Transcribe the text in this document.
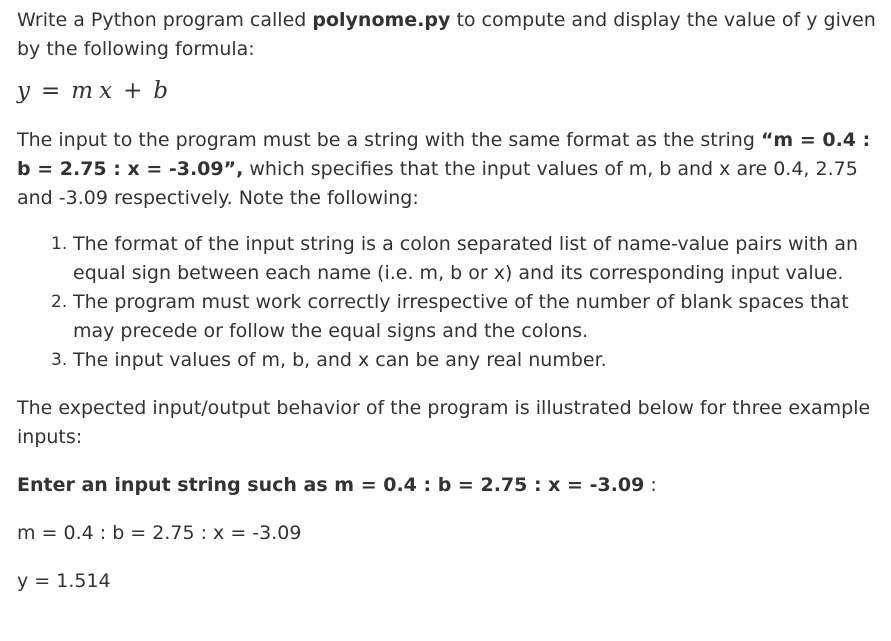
Write a Python program called polynome.py to compute and display the value of y given by the following formula:

y = m x + b

The input to the program must be a string with the same format as the string “m = 0.4 : b = 2.75 : x = -3.09”, which specifies that the input values of m, b and x are 0.4, 2.75 and -3.09 respectively. Note the following:

1. The format of the input string is a colon separated list of name-value pairs with an equal sign between each name (i.e. m, b or x) and its corresponding input value.
2. The program must work correctly irrespective of the number of blank spaces that may precede or follow the equal signs and the colons.
3. The input values of m, b, and x can be any real number.

The expected input/output behavior of the program is illustrated below for three example inputs:

Enter an input string such as m = 0.4 : b = 2.75 : x = -3.09 :

m = 0.4 : b = 2.75 : x = -3.09

y = 1.514
